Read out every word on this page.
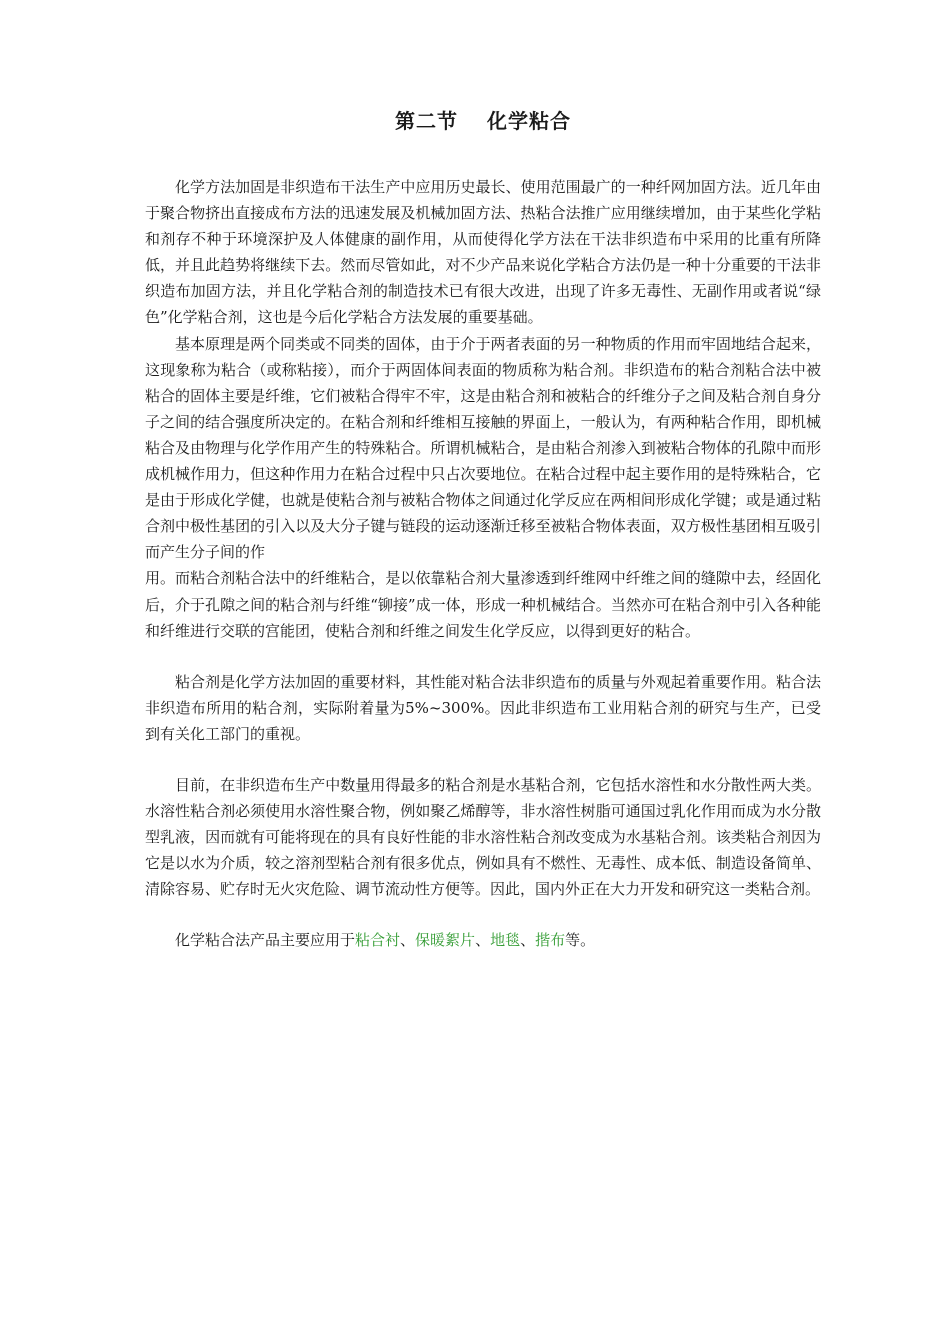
第二节　 化学粘合

化学方法加固是非织造布干法生产中应用历史最长、使用范围最广的一种纤网加固方法。近几年由于聚合物挤出直接成布方法的迅速发展及机械加固方法、热粘合法推广应用继续增加，由于某些化学粘和剂存不种于环境深护及人体健康的副作用，从而使得化学方法在干法非织造布中采用的比重有所降低，并且此趋势将继续下去。然而尽管如此，对不少产品来说化学粘合方法仍是一种十分重要的干法非织造布加固方法，并且化学粘合剂的制造技术已有很大改进，出现了许多无毒性、无副作用或者说“绿色”化学粘合剂，这也是今后化学粘合方法发展的重要基础。

基本原理是两个同类或不同类的固体，由于介于两者表面的另一种物质的作用而牢固地结合起来，这现象称为粘合（或称粘接），而介于两固体间表面的物质称为粘合剂。非织造布的粘合剂粘合法中被粘合的固体主要是纤维，它们被粘合得牢不牢，这是由粘合剂和被粘合的纤维分子之间及粘合剂自身分子之间的结合强度所决定的。在粘合剂和纤维相互接触的界面上，一般认为，有两种粘合作用，即机械粘合及由物理与化学作用产生的特殊粘合。所谓机械粘合，是由粘合剂渗入到被粘合物体的孔隙中而形成机械作用力，但这种作用力在粘合过程中只占次要地位。在粘合过程中起主要作用的是特殊粘合，它是由于形成化学健，也就是使粘合剂与被粘合物体之间通过化学反应在两相间形成化学键；或是通过粘合剂中极性基团的引入以及大分子键与链段的运动逐渐迁移至被粘合物体表面，双方极性基团相互吸引而产生分子间的作

用。而粘合剂粘合法中的纤维粘合，是以依靠粘合剂大量渗透到纤维网中纤维之间的缝隙中去，经固化后，介于孔隙之间的粘合剂与纤维“铆接”成一体，形成一种机械结合。当然亦可在粘合剂中引入各种能和纤维进行交联的宫能团，使粘合剂和纤维之间发生化学反应，以得到更好的粘合。

粘合剂是化学方法加固的重要材料，其性能对粘合法非织造布的质量与外观起着重要作用。粘合法非织造布所用的粘合剂，实际附着量为5%~300%。因此非织造布工业用粘合剂的研究与生产，已受到有关化工部门的重视。

目前，在非织造布生产中数量用得最多的粘合剂是水基粘合剂，它包括水溶性和水分散性两大类。水溶性粘合剂必须使用水溶性聚合物，例如聚乙烯醇等，非水溶性树脂可通国过乳化作用而成为水分散型乳液，因而就有可能将现在的具有良好性能的非水溶性粘合剂改变成为水基粘合剂。该类粘合剂因为它是以水为介质，较之溶剂型粘合剂有很多优点，例如具有不燃性、无毒性、成本低、制造设备简单、清除容易、贮存时无火灾危险、调节流动性方便等。因此，国内外正在大力开发和研究这一类粘合剂。

化学粘合法产品主要应用于粘合衬、保暖絮片、地毯、揩布等。
